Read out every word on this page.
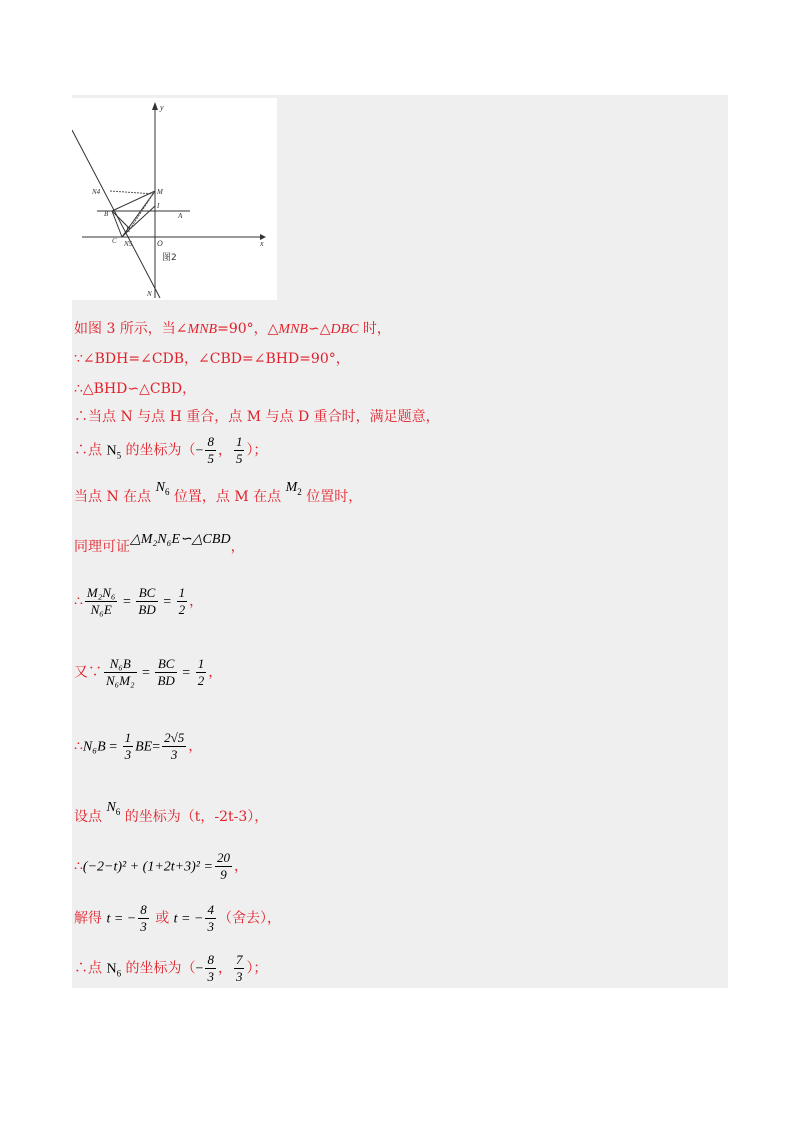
y
x
O
M
A
B
C
E
N4
N5
I
N
图2
如图 3 所示，当∠MNB=90°，△MNB∽△DBC 时，
∵∠BDH=∠CDB，∠CBD=∠BHD=90°，
∴△BHD∽△CBD，
∴当点 N 与点 H 重合，点 M 与点 D 重合时，满足题意，
∴点 $N_5$ 的坐标为（− $\frac{8}{5}$ ， $\frac{1}{5}$ ）；
当点 N 在点 $N_6$ 位置，点 M 在点 $M_2$ 位置时，
同理可证△M₂N₆E∽△CBD，
∴ $\frac{\text{M₂N₆}}{\text{N₆E}} = \frac{BC}{BD} = \frac{1}{2}$ ，
又∵ $\frac{\text{N₆B}}{\text{N₆M₂}} = \frac{BC}{BD} = \frac{1}{2}$ ，
∴N₆B = $\frac{1}{3} BE= \frac{2√5}{3}$ ，
设点 $N_6$ 的坐标为（t，-2t-3），
∴(−2−t)² + $(1+2t+3)^2 = \frac{20}{9}$ ，
解得 t = − $\frac{8}{3}$ 或 t = − $\frac{4}{3}$ （舍去），
∴点 $N_6$ 的坐标为（− $\frac{8}{3}$ ， $\frac{7}{3}$ ）；
